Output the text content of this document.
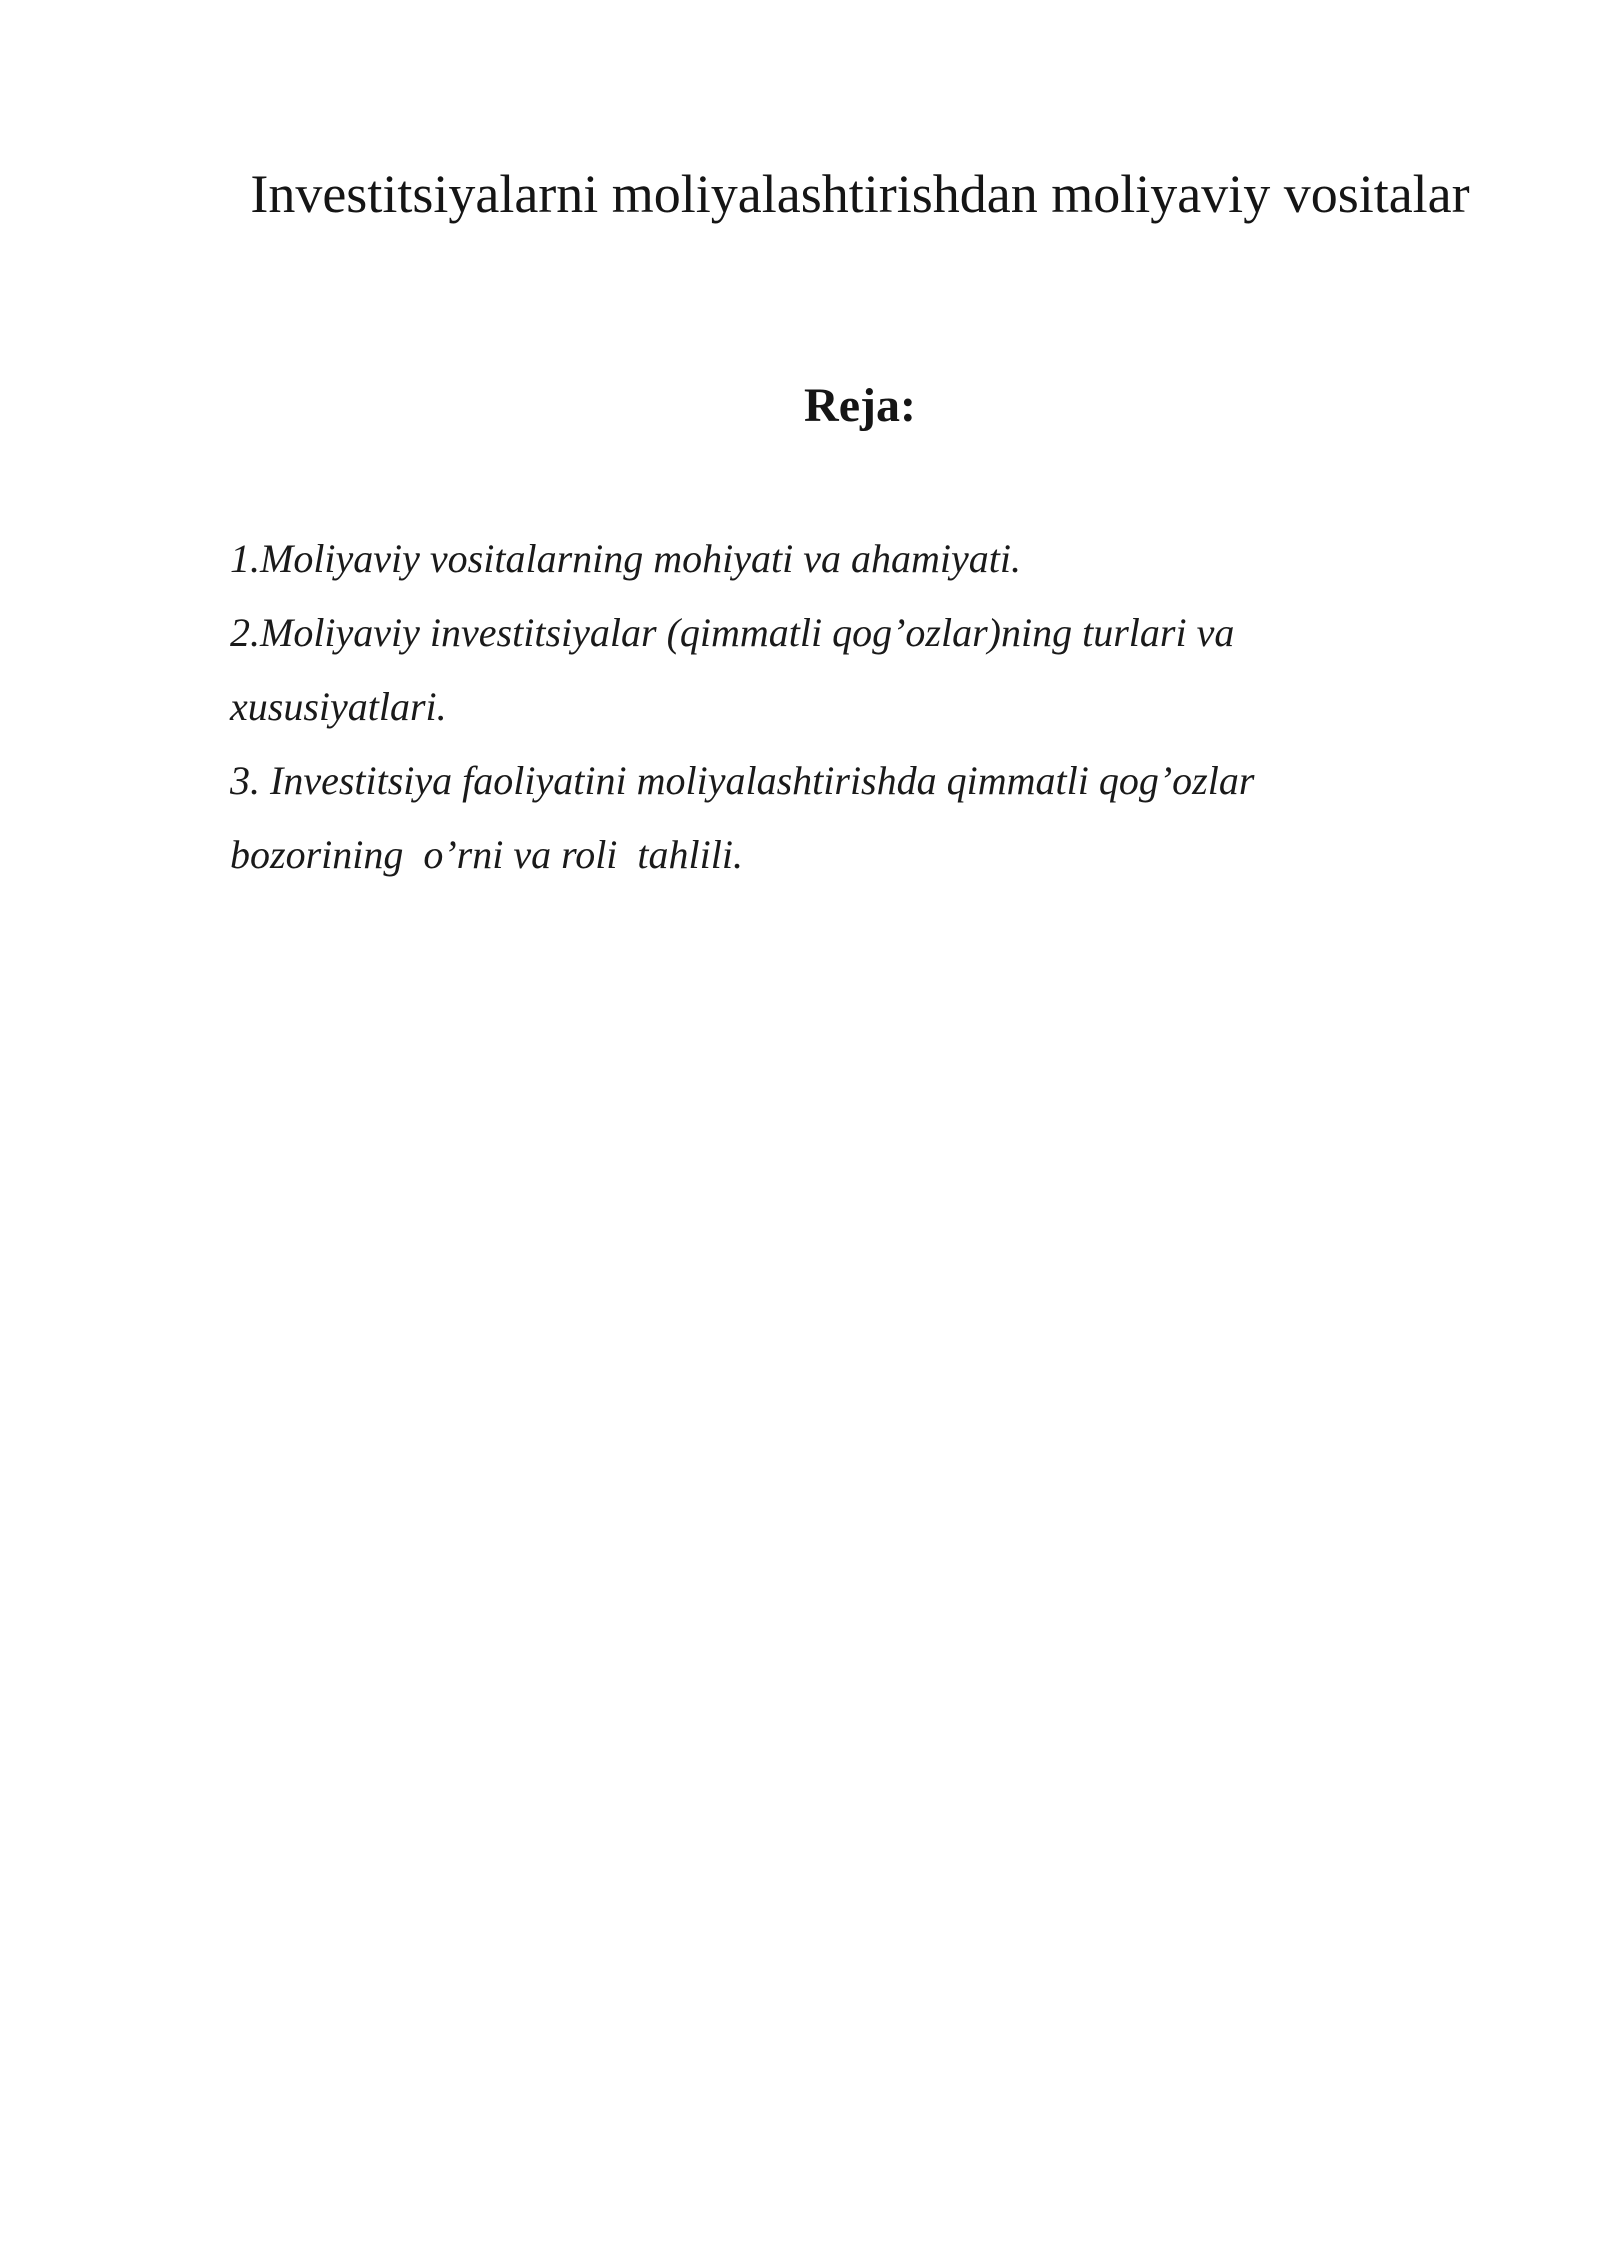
Investitsiyalarni moliyalashtirishdan moliyaviy vositalar
Reja:
1.Moliyaviy vositalarning mohiyati va ahamiyati.
2.Moliyaviy investitsiyalar (qimmatli qog’ozlar)ning turlari va xususiyatlari.
3. Investitsiya faoliyatini moliyalashtirishda qimmatli qog’ozlar bozorining  o’rni va roli  tahlili.
